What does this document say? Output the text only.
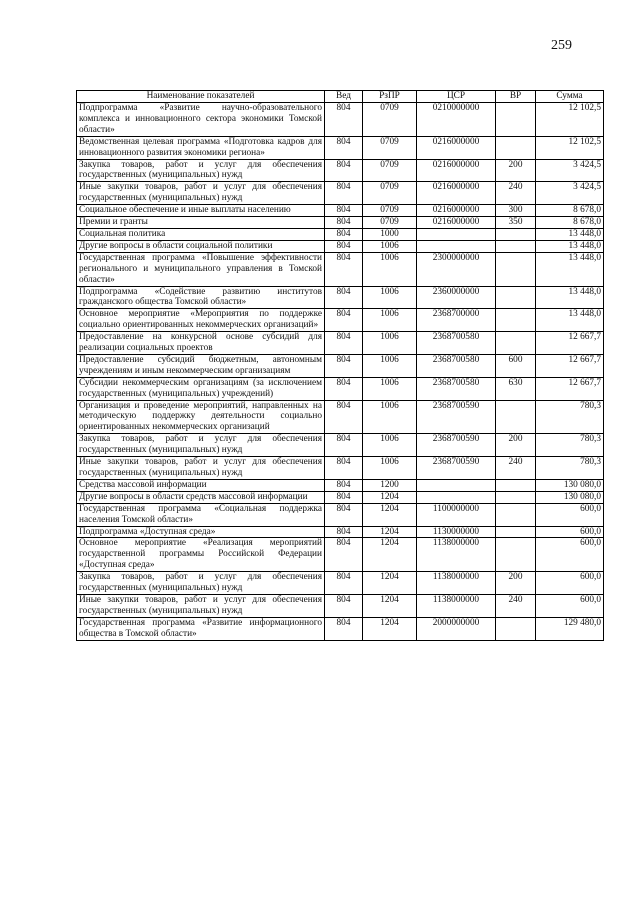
259
Наименование показателей	Вед	РзПР	ЦСР	ВР	Сумма
Подпрограмма «Развитие научно-образовательного комплекса и инновационного сектора экономики Томской области»	804	0709	0210000000		12 102,5
Ведомственная целевая программа «Подготовка кадров для инновационного развития экономики региона»	804	0709	0216000000		12 102,5
Закупка товаров, работ и услуг для обеспечения государственных (муниципальных) нужд	804	0709	0216000000	200	3 424,5
Иные закупки товаров, работ и услуг для обеспечения государственных (муниципальных) нужд	804	0709	0216000000	240	3 424,5
Социальное обеспечение и иные выплаты населению	804	0709	0216000000	300	8 678,0
Премии и гранты	804	0709	0216000000	350	8 678,0
Социальная политика	804	1000			13 448,0
Другие вопросы в области социальной политики	804	1006			13 448,0
Государственная программа «Повышение эффективности регионального и муниципального управления в Томской области»	804	1006	2300000000		13 448,0
Подпрограмма «Содействие развитию институтов гражданского общества Томской области»	804	1006	2360000000		13 448,0
Основное мероприятие «Мероприятия по поддержке социально ориентированных некоммерческих организаций»	804	1006	2368700000		13 448,0
Предоставление на конкурсной основе субсидий для реализации социальных проектов	804	1006	2368700580		12 667,7
Предоставление субсидий бюджетным, автономным учреждениям и иным некоммерческим организациям	804	1006	2368700580	600	12 667,7
Субсидии некоммерческим организациям (за исключением государственных (муниципальных) учреждений)	804	1006	2368700580	630	12 667,7
Организация и проведение мероприятий, направленных на методическую поддержку деятельности социально ориентированных некоммерческих организаций	804	1006	2368700590		780,3
Закупка товаров, работ и услуг для обеспечения государственных (муниципальных) нужд	804	1006	2368700590	200	780,3
Иные закупки товаров, работ и услуг для обеспечения государственных (муниципальных) нужд	804	1006	2368700590	240	780,3
Средства массовой информации	804	1200			130 080,0
Другие вопросы в области средств массовой информации	804	1204			130 080,0
Государственная программа «Социальная поддержка населения Томской области»	804	1204	1100000000		600,0
Подпрограмма «Доступная среда»	804	1204	1130000000		600,0
Основное мероприятие «Реализация мероприятий государственной программы Российской Федерации «Доступная среда»	804	1204	1138000000		600,0
Закупка товаров, работ и услуг для обеспечения государственных (муниципальных) нужд	804	1204	1138000000	200	600,0
Иные закупки товаров, работ и услуг для обеспечения государственных (муниципальных) нужд	804	1204	1138000000	240	600,0
Государственная программа «Развитие информационного общества в Томской области»	804	1204	2000000000		129 480,0
